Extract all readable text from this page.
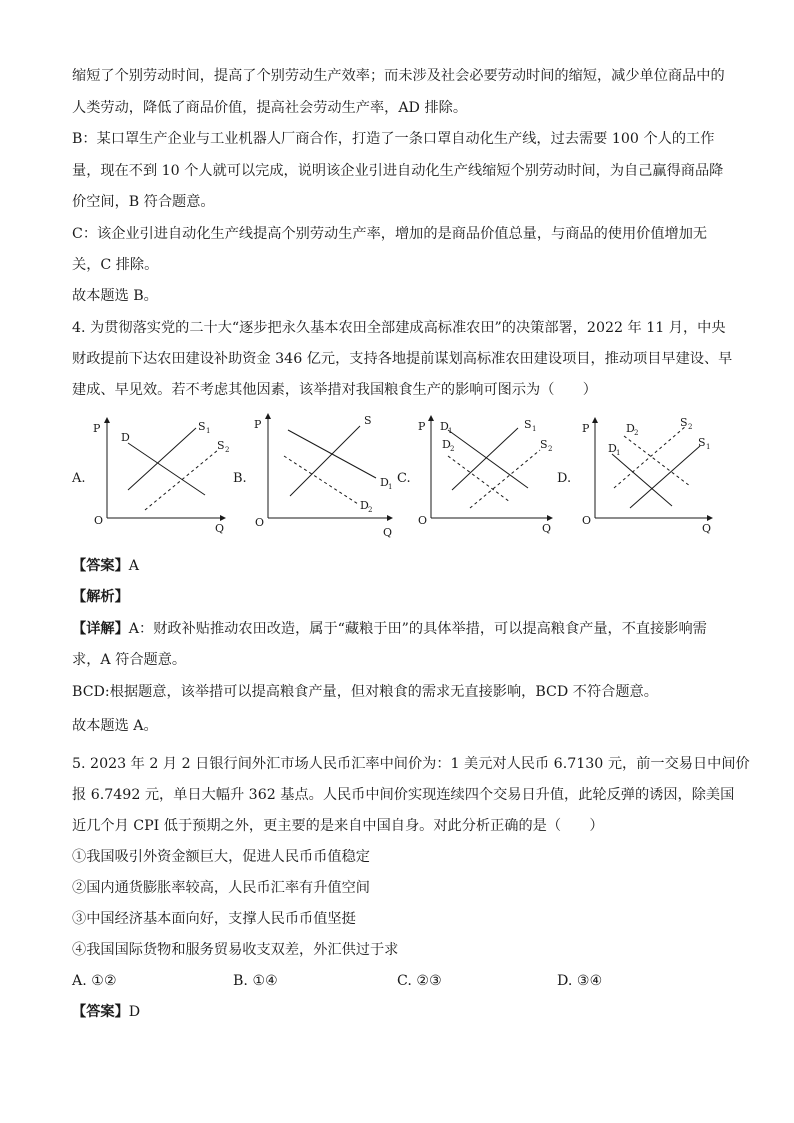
缩短了个别劳动时间，提高了个别劳动生产效率；而未涉及社会必要劳动时间的缩短，减少单位商品中的
人类劳动，降低了商品价值，提高社会劳动生产率，AD 排除。
B：某口罩生产企业与工业机器人厂商合作，打造了一条口罩自动化生产线，过去需要 100 个人的工作
量，现在不到 10 个人就可以完成，说明该企业引进自动化生产线缩短个别劳动时间，为自己赢得商品降
价空间，B 符合题意。
C：该企业引进自动化生产线提高个别劳动生产率，增加的是商品价值总量，与商品的使用价值增加无
关，C 排除。
故本题选 B。
4. 为贯彻落实党的二十大“逐步把永久基本农田全部建成高标准农田”的决策部署，2022 年 11 月，中央
财政提前下达农田建设补助资金 346 亿元，支持各地提前谋划高标准农田建设项目，推动项目早建设、早
建成、早见效。若不考虑其他因素，该举措对我国粮食生产的影响可图示为（　　）
A.
P
O
Q
D
S 1
S 2
B.
P
O
Q
S
D 1
D 2
C.
P
O
Q
D 1
D 2
S 1
S 2
D.
P
O
Q
D 1
D 2
S 2
S 1
【答案】A
【解析】
【详解】A：财政补贴推动农田改造，属于“藏粮于田”的具体举措，可以提高粮食产量，不直接影响需
求，A 符合题意。
BCD:根据题意，该举措可以提高粮食产量，但对粮食的需求无直接影响，BCD 不符合题意。
故本题选 A。
5. 2023 年 2 月 2 日银行间外汇市场人民币汇率中间价为：1 美元对人民币 6.7130 元，前一交易日中间价
报 6.7492 元，单日大幅升 362 基点。人民币中间价实现连续四个交易日升值，此轮反弹的诱因，除美国
近几个月 CPI 低于预期之外，更主要的是来自中国自身。对此分析正确的是（　　）
①我国吸引外资金额巨大，促进人民币币值稳定
②国内通货膨胀率较高，人民币汇率有升值空间
③中国经济基本面向好，支撑人民币币值坚挺
④我国国际货物和服务贸易收支双差，外汇供过于求
A. ①②	B. ①④	C. ②③	D. ③④
【答案】D
